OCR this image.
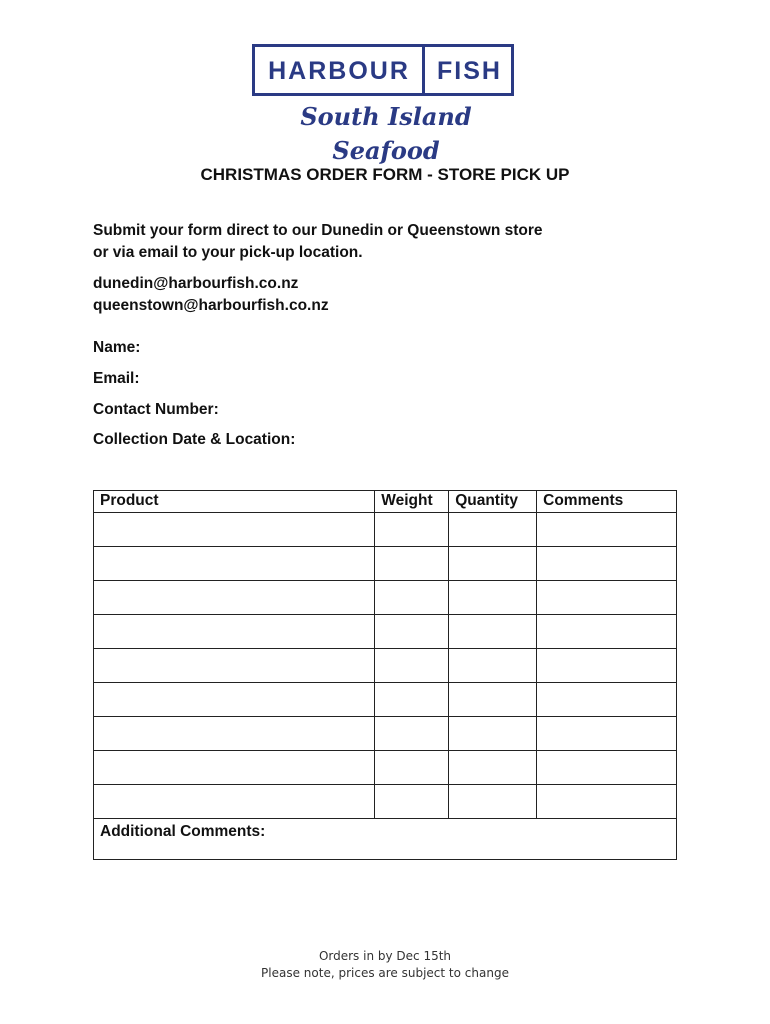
HARBOUR	FISH
South Island Seafood
CHRISTMAS ORDER FORM - STORE PICK UP
Submit your form direct to our Dunedin or Queenstown store
or via email to your pick-up location.
dunedin@harbourfish.co.nz
queenstown@harbourfish.co.nz
Name:
Email:
Contact Number:
Collection Date & Location:
Product	Weight	Quantity	Comments

Additional Comments:			
Orders in by Dec 15th
Please note, prices are subject to change
